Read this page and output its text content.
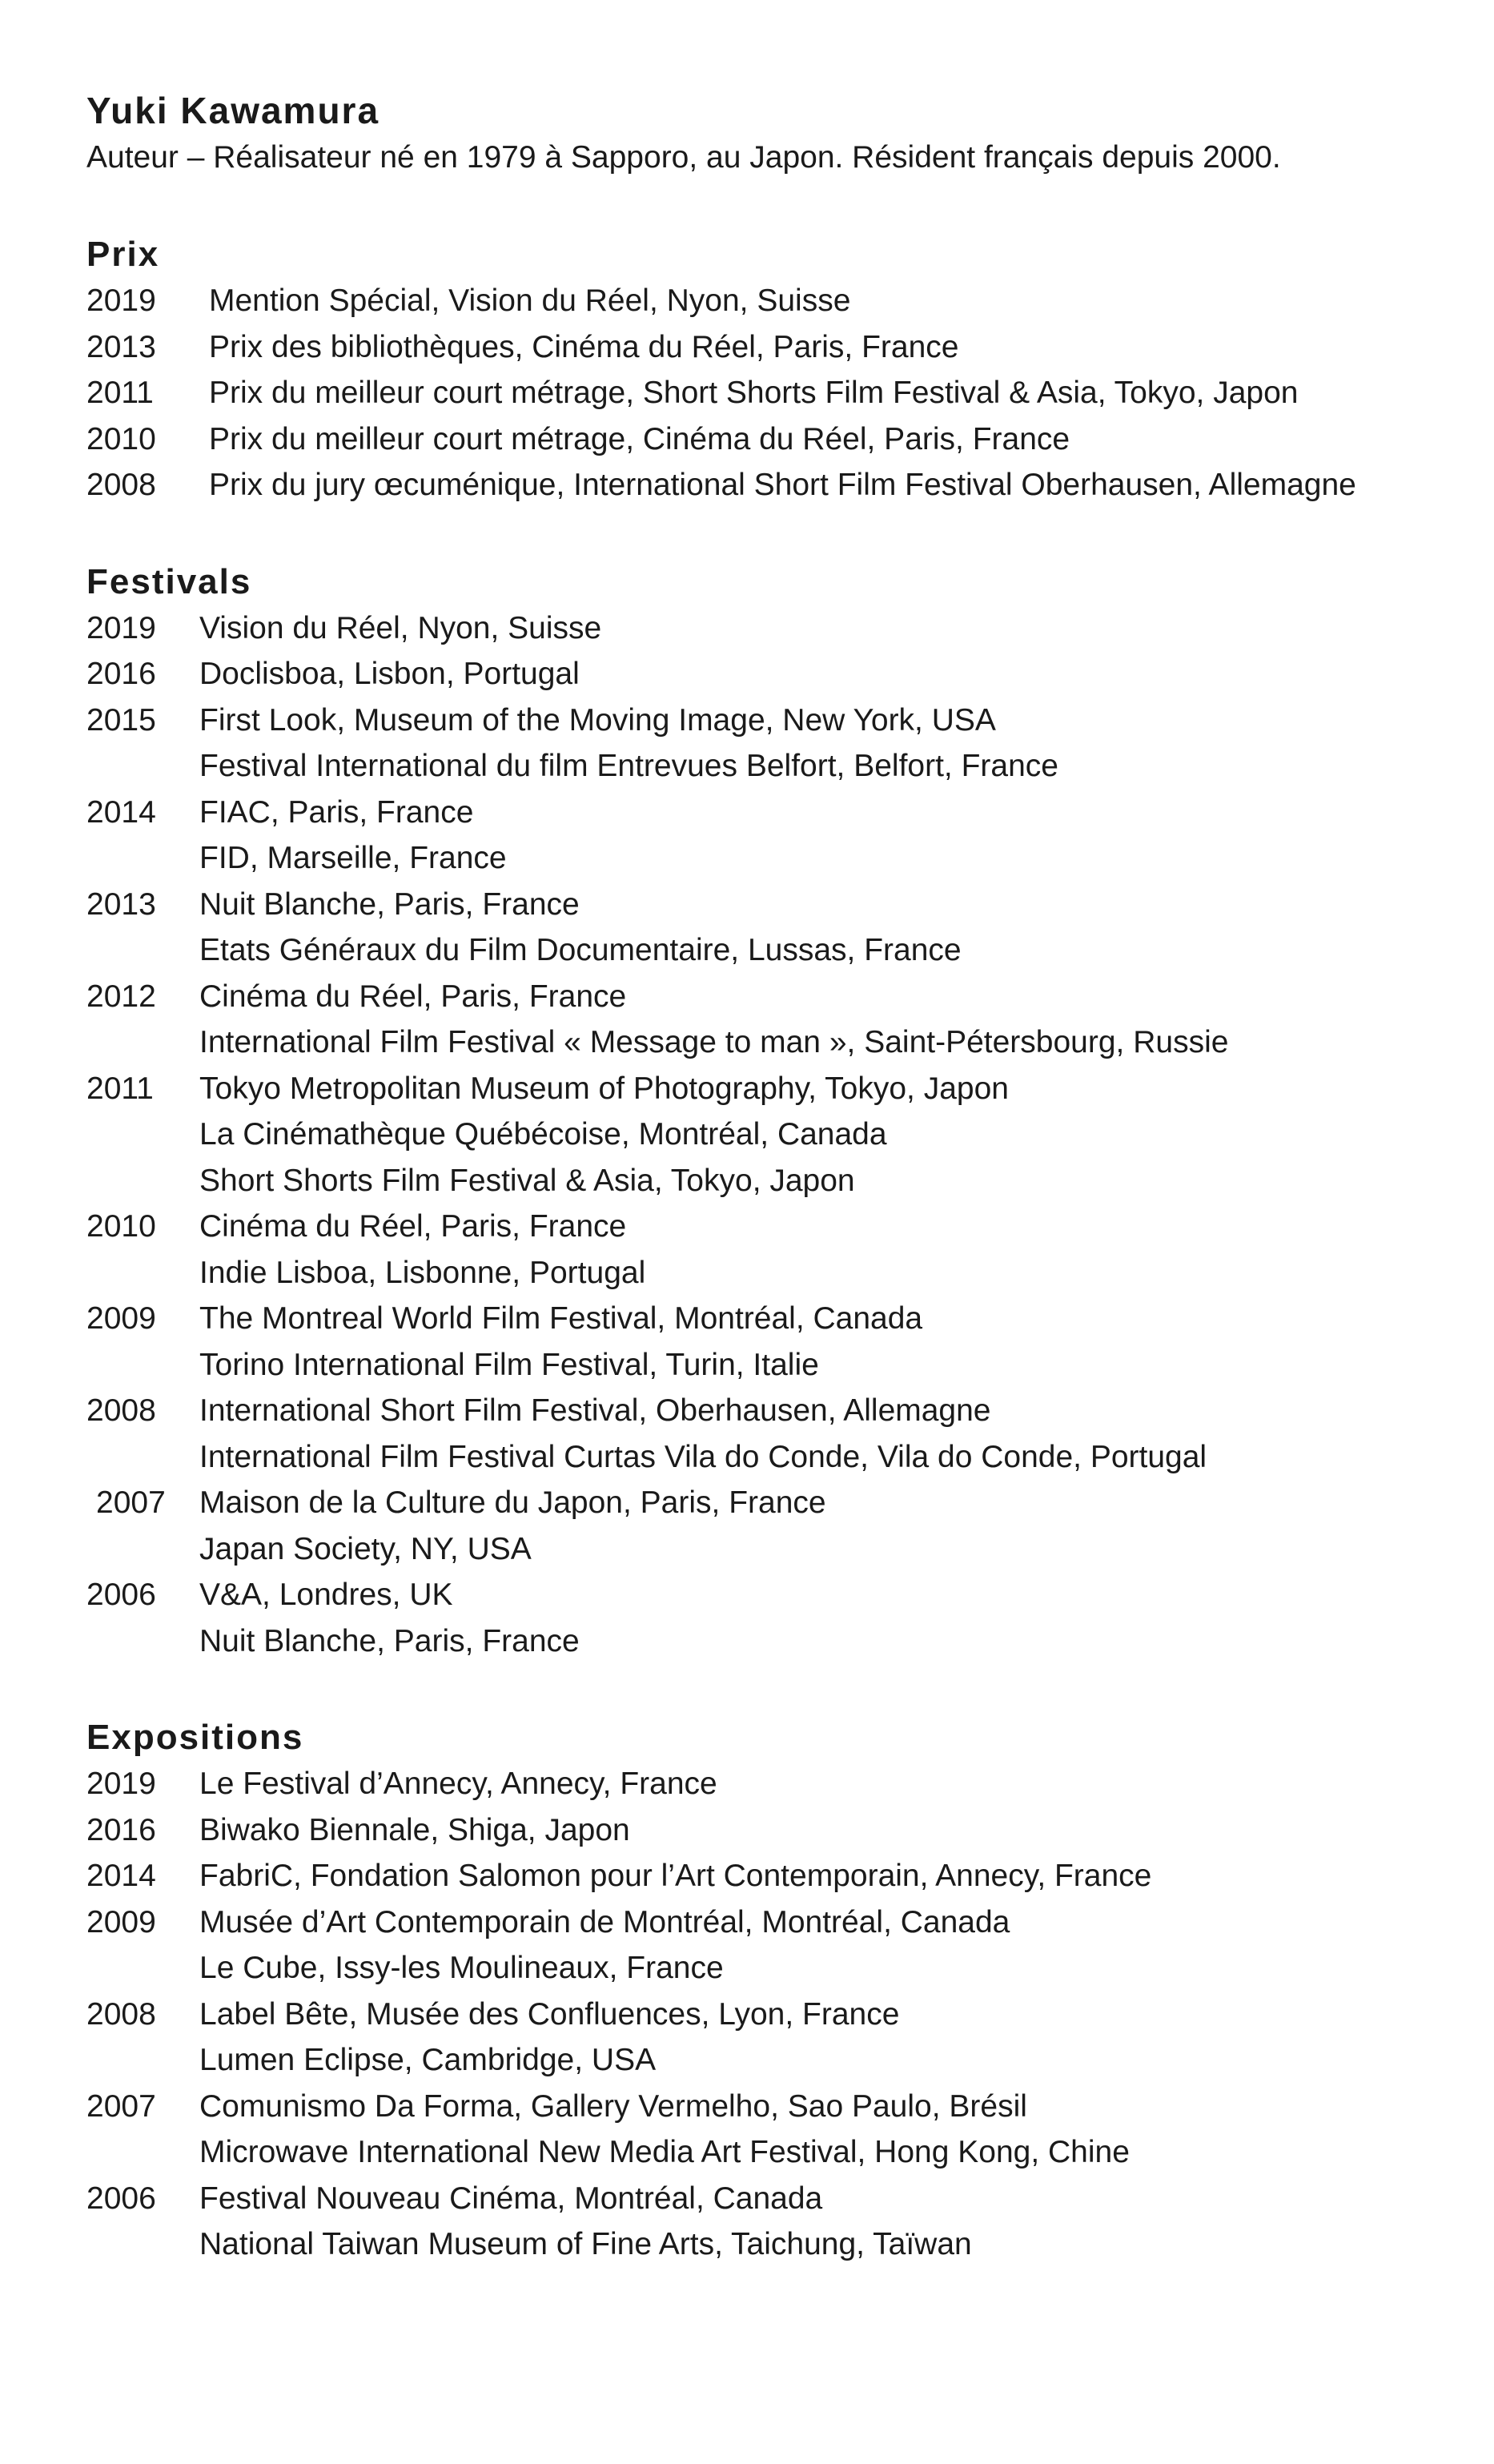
Yuki Kawamura

Auteur – Réalisateur né en 1979 à Sapporo, au Japon. Résident français depuis 2000.

Prix
2019	Mention Spécial, Vision du Réel, Nyon, Suisse
2013	Prix des bibliothèques, Cinéma du Réel, Paris, France
2011	Prix du meilleur court métrage, Short Shorts Film Festival & Asia, Tokyo, Japon
2010	Prix du meilleur court métrage, Cinéma du Réel, Paris, France
2008	Prix du jury œcuménique, International Short Film Festival Oberhausen, Allemagne
Festivals
2019	Vision du Réel, Nyon, Suisse
2016	Doclisboa, Lisbon, Portugal
2015	First Look, Museum of the Moving Image, New York, USA
Festival International du film Entrevues Belfort, Belfort, France
2014	FIAC, Paris, France
FID, Marseille, France
2013	Nuit Blanche, Paris, France
Etats Généraux du Film Documentaire, Lussas, France
2012	Cinéma du Réel, Paris, France
International Film Festival « Message to man », Saint-Pétersbourg, Russie
2011	Tokyo Metropolitan Museum of Photography, Tokyo, Japon
La Cinémathèque Québécoise, Montréal, Canada
Short Shorts Film Festival & Asia, Tokyo, Japon
2010	Cinéma du Réel, Paris, France
Indie Lisboa, Lisbonne, Portugal
2009	The Montreal World Film Festival, Montréal, Canada
Torino International Film Festival, Turin, Italie
2008	International Short Film Festival, Oberhausen, Allemagne
International Film Festival Curtas Vila do Conde, Vila do Conde, Portugal
2007	Maison de la Culture du Japon, Paris, France
Japan Society, NY, USA
2006	V&A, Londres, UK
Nuit Blanche, Paris, France
Expositions
2019	Le Festival d’Annecy, Annecy, France
2016	Biwako Biennale, Shiga, Japon
2014	FabriC, Fondation Salomon pour l’Art Contemporain, Annecy, France
2009	Musée d’Art Contemporain de Montréal, Montréal, Canada
Le Cube, Issy-les Moulineaux, France
2008	Label Bête, Musée des Confluences, Lyon, France
Lumen Eclipse, Cambridge, USA
2007	Comunismo Da Forma, Gallery Vermelho, Sao Paulo, Brésil
Microwave International New Media Art Festival, Hong Kong, Chine
2006	Festival Nouveau Cinéma, Montréal, Canada
National Taiwan Museum of Fine Arts, Taichung, Taïwan
